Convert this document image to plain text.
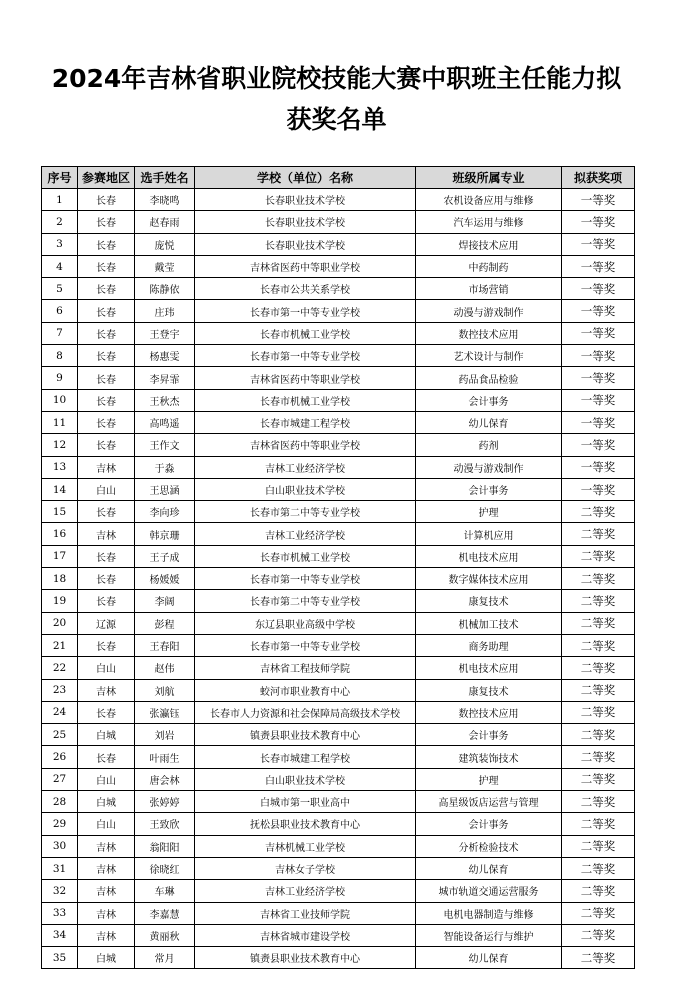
2024年吉林省职业院校技能大赛中职班主任能力拟
获奖名单
序号	参赛地区	选手姓名	学校（单位）名称	班级所属专业	拟获奖项
1	长春	李晓鸣	长春职业技术学校	农机设备应用与维修	一等奖
2	长春	赵春雨	长春职业技术学校	汽车运用与维修	一等奖
3	长春	庞悦	长春职业技术学校	焊接技术应用	一等奖
4	长春	戴莹	吉林省医药中等职业学校	中药制药	一等奖
5	长春	陈静依	长春市公共关系学校	市场营销	一等奖
6	长春	庄玮	长春市第一中等专业学校	动漫与游戏制作	一等奖
7	长春	王登宇	长春市机械工业学校	数控技术应用	一等奖
8	长春	杨惠雯	长春市第一中等专业学校	艺术设计与制作	一等奖
9	长春	李昇霏	吉林省医药中等职业学校	药品食品检验	一等奖
10	长春	王秋杰	长春市机械工业学校	会计事务	一等奖
11	长春	高鸣遥	长春市城建工程学校	幼儿保育	一等奖
12	长春	王作文	吉林省医药中等职业学校	药剂	一等奖
13	吉林	于淼	吉林工业经济学校	动漫与游戏制作	一等奖
14	白山	王思涵	白山职业技术学校	会计事务	一等奖
15	长春	李向珍	长春市第二中等专业学校	护理	二等奖
16	吉林	韩京珊	吉林工业经济学校	计算机应用	二等奖
17	长春	王子成	长春市机械工业学校	机电技术应用	二等奖
18	长春	杨媛媛	长春市第一中等专业学校	数字媒体技术应用	二等奖
19	长春	李阔	长春市第二中等专业学校	康复技术	二等奖
20	辽源	彭程	东辽县职业高级中学校	机械加工技术	二等奖
21	长春	王春阳	长春市第一中等专业学校	商务助理	二等奖
22	白山	赵伟	吉林省工程技师学院	机电技术应用	二等奖
23	吉林	刘航	蛟河市职业教育中心	康复技术	二等奖
24	长春	张瀛钰	长春市人力资源和社会保障局高级技术学校	数控技术应用	二等奖
25	白城	刘岩	镇赉县职业技术教育中心	会计事务	二等奖
26	长春	叶雨生	长春市城建工程学校	建筑装饰技术	二等奖
27	白山	唐会林	白山职业技术学校	护理	二等奖
28	白城	张婷婷	白城市第一职业高中	高星级饭店运营与管理	二等奖
29	白山	王致欣	抚松县职业技术教育中心	会计事务	二等奖
30	吉林	翁阳阳	吉林机械工业学校	分析检验技术	二等奖
31	吉林	徐晓红	吉林女子学校	幼儿保育	二等奖
32	吉林	车琳	吉林工业经济学校	城市轨道交通运营服务	二等奖
33	吉林	李嘉慧	吉林省工业技师学院	电机电器制造与维修	二等奖
34	吉林	黄丽秋	吉林省城市建设学校	智能设备运行与维护	二等奖
35	白城	常月	镇赉县职业技术教育中心	幼儿保育	二等奖
